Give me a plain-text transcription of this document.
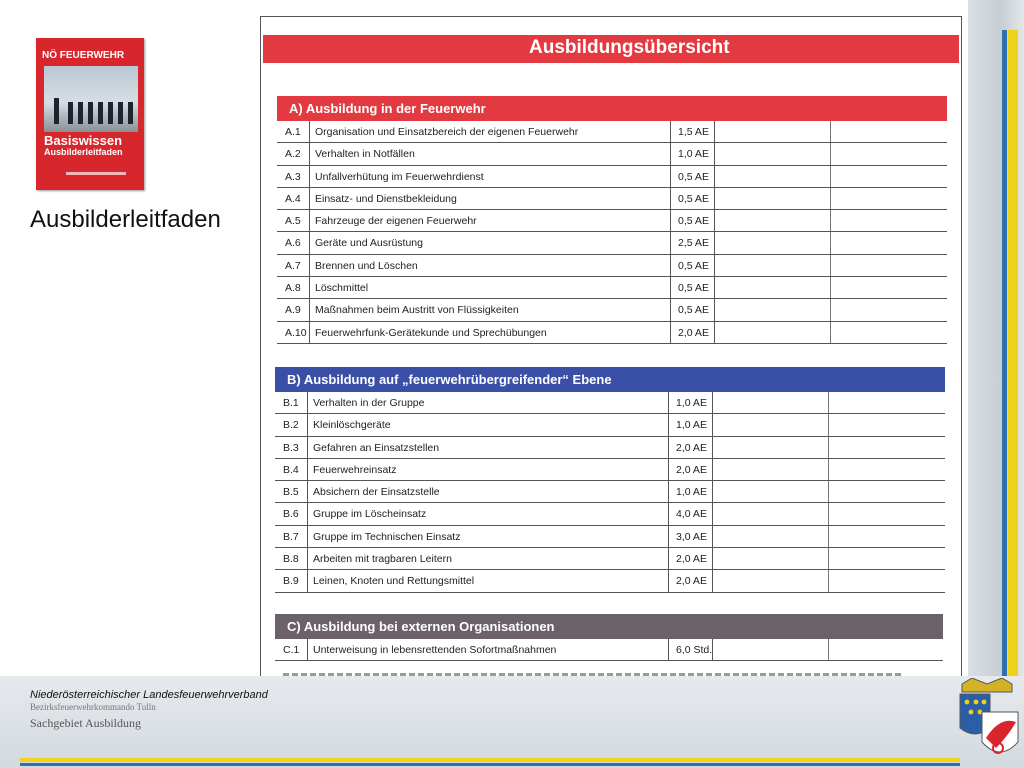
NÖ FEUERWEHR
Basiswissen
Ausbilderleitfaden
Ausbilderleitfaden
Ausbildungsübersicht
A) Ausbildung in der Feuerwehr
A.1 Organisation und Einsatzbereich der eigenen Feuerwehr	1,5 AE
A.2 Verhalten in Notfällen	1,0 AE
A.3 Unfallverhütung im Feuerwehrdienst	0,5 AE
A.4 Einsatz- und Dienstbekleidung	0,5 AE
A.5 Fahrzeuge der eigenen Feuerwehr	0,5 AE
A.6 Geräte und Ausrüstung	2,5 AE
A.7 Brennen und Löschen	0,5 AE
A.8 Löschmittel	0,5 AE
A.9 Maßnahmen beim Austritt von Flüssigkeiten	0,5 AE
A.10 Feuerwehrfunk-Gerätekunde und Sprechübungen	2,0 AE
B) Ausbildung auf „feuerwehrübergreifender“ Ebene
B.1 Verhalten in der Gruppe	1,0 AE
B.2 Kleinlöschgeräte	1,0 AE
B.3 Gefahren an Einsatzstellen	2,0 AE
B.4 Feuerwehreinsatz	2,0 AE
B.5 Absichern der Einsatzstelle	1,0 AE
B.6 Gruppe im Löscheinsatz	4,0 AE
B.7 Gruppe im Technischen Einsatz	3,0 AE
B.8 Arbeiten mit tragbaren Leitern	2,0 AE
B.9 Leinen, Knoten und Rettungsmittel	2,0 AE
C) Ausbildung bei externen Organisationen
C.1 Unterweisung in lebensrettenden Sofortmaßnahmen	6,0 Std.
Niederösterreichischer Landesfeuerwehrverband
Bezirksfeuerwehrkommando Tulln
Sachgebiet Ausbildung
